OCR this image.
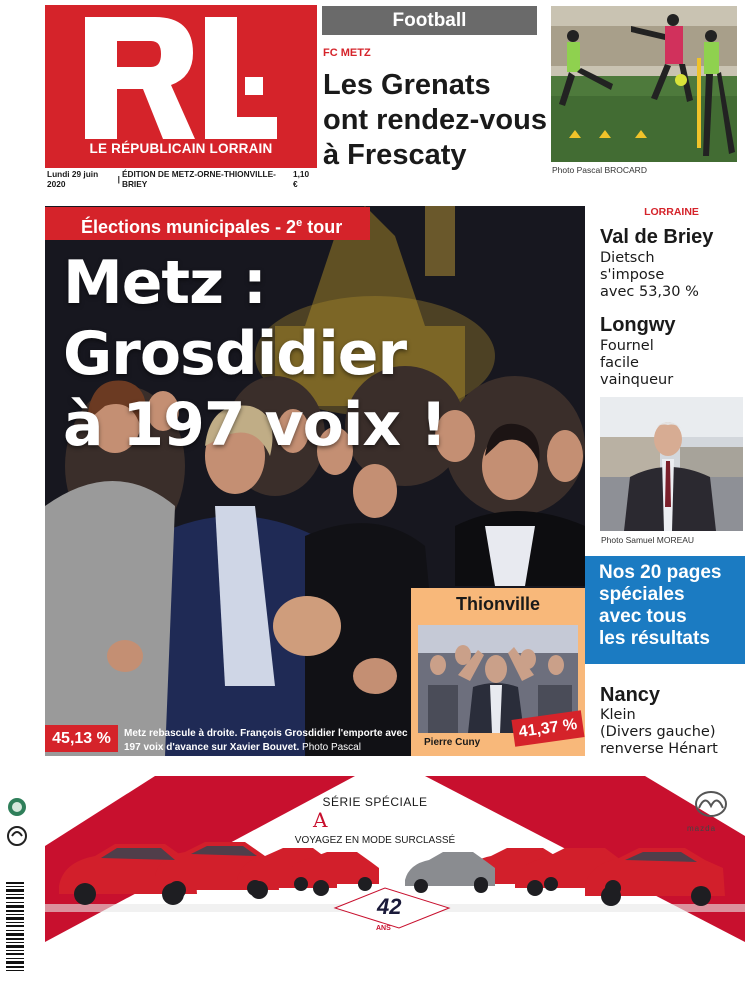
LE RÉPUBLICAIN LORRAIN
Lundi 29 juin 2020	| ÉDITION DE METZ-ORNE-THIONVILLE-BRIEY
1,10 €
Football
FC METZ
Les Grenats
ont rendez-vous
à Frescaty	Photo Pascal BROCARD
Élections municipales - 2e tour
Metz : Grosdidier
à 197 voix !
45,13 %	Metz rebascule à droite. François Grosdidier l'emporte avec 197 voix d'avance sur Xavier Bouvet. Photo Pascal BROCARD
Thionville
Pierre Cuny
41,37 %
LORRAINE
Val de Briey
Dietsch
s'impose
avec 53,30 %
Longwy
Fournel
facile
vainqueur
Photo Samuel MOREAU
Nos 20 pages
spéciales
avec tous
les résultats
Nancy
Klein
(Divers gauche)
renverse Hénart
SÉRIE SPÉCIALE
A
VOYAGEZ EN MODE SURCLASSÉ
mazda
42
ANS
